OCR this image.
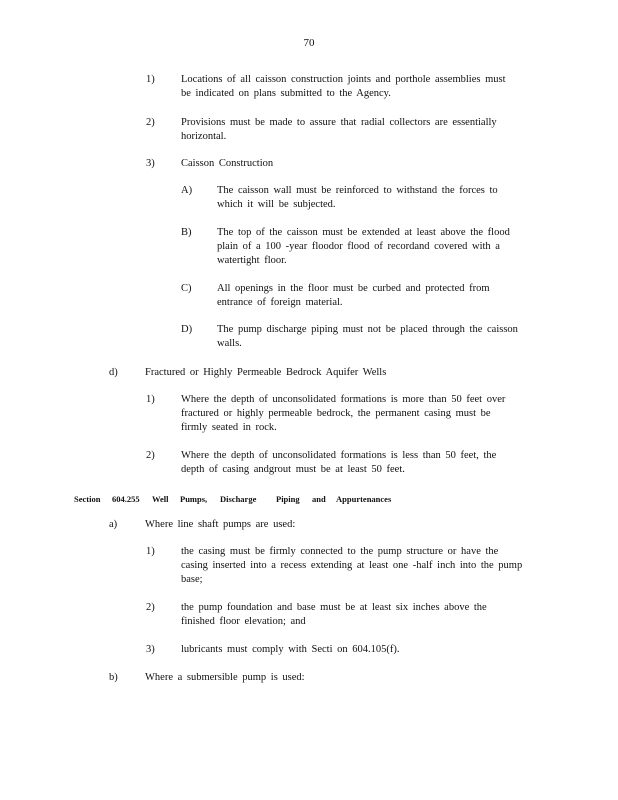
70
1)	Locations of all caisson construction joints and porthole assemblies must
be indicated on plans submitted to the Agency.
2)	Provisions must be made to assure that radial collectors are essentially
horizontal.
3)	Caisson Construction
A) The caisson wall must be reinforced to withstand the forces to
which it will be subjected.
B) The top of the caisson must be extended at least above the flood
plain of a 100 -year floodor flood of recordand covered with a
watertight floor.
C) All openings in the floor must be curbed and protected from
entrance of foreign material.
D) The pump discharge piping must not be placed through the caisson
walls.
d)	Fractured or Highly Permeable Bedrock Aquifer Wells
1)	Where the depth of unconsolidated formations is more than 50 feet over
fractured or highly permeable bedrock, the permanent casing must be
firmly seated in rock.
2)	Where the depth of unconsolidated formations is less than 50 feet, the
depth of casing andgrout must be at least 50 feet.
a)	Where line shaft pumps are used:
1)	the casing must be firmly connected to the pump structure or have the
casing inserted into a recess extending at least one -half inch into the pump
base;
2)	the pump foundation and base must be at least six inches above the
finished floor elevation; and
3)	lubricants must comply with Secti on 604.105(f).
b)	Where a submersible pump is used:
Section 604.255 Well Pumps, Discharge Piping and Appurtenances
